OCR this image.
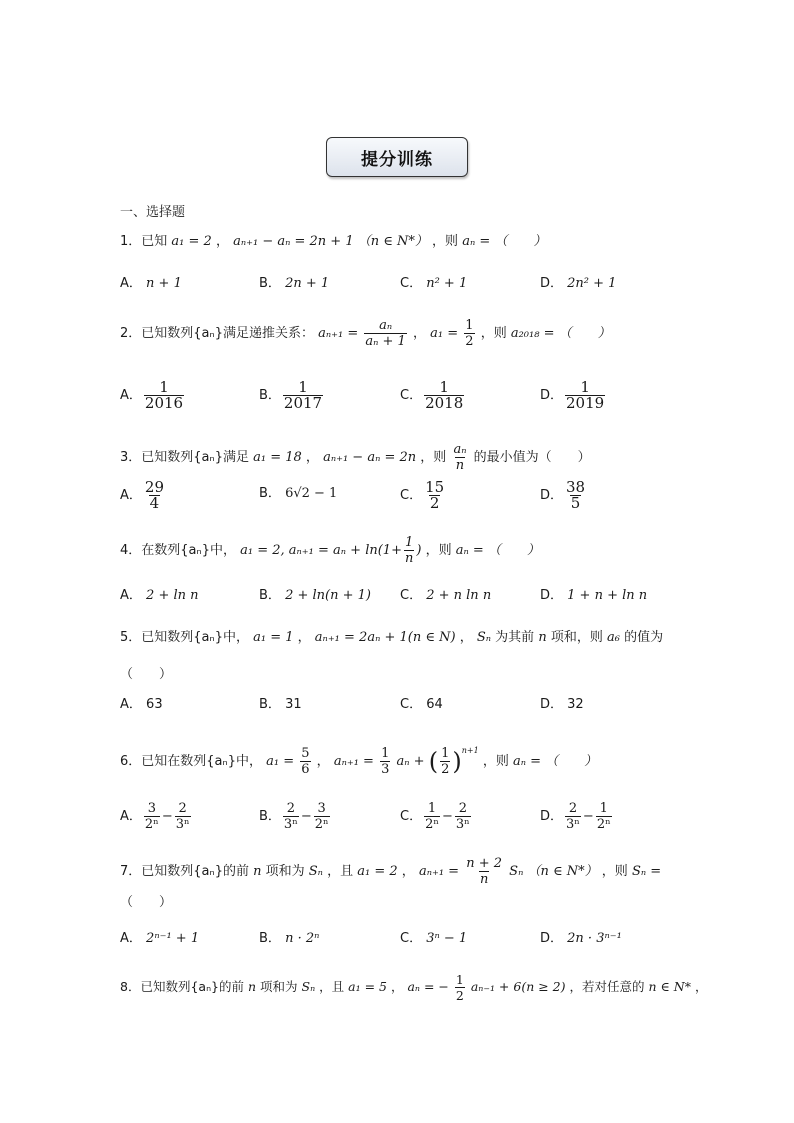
提分训练
一、选择题
1．已知 a₁ = 2 ， aₙ₊₁ − aₙ = 2n + 1 （n ∈ N*） ，则 aₙ = （　　）
A． n + 1	B． 2n + 1	C． n² + 1	D． 2n² + 1
2．已知数列{aₙ}满足递推关系： $a_{n+1} = \frac{\text{aₙ}}{\text{aₙ + 1}}$ ， $a_1 = \frac{1}{2}$ ，则 a₂₀₁₈ = （　　）
A． $\frac{1}{2016}$	B． $\frac{1}{2017}$	C． $\frac{1}{2018}$	D． $\frac{1}{2019}$
3．已知数列{aₙ}满足 a₁ = 18 ， aₙ₊₁ − aₙ = 2n ，则 $\frac{\text{aₙ}}{n}$ 的最小值为（　　）
A． $\frac{29}{4}$	B． 6√2 − 1	C． $\frac{15}{2}$	D． $\frac{38}{5}$
4．在数列{aₙ}中， a₁ = 2, $a_{n+1} = a_n + \ln(1+ \frac{1}{n}$ ) ，则 aₙ = （　　）
A． 2 + ln n	B． 2 + ln(n + 1) C． 2 + n ln n	D． 1 + n + ln n
5．已知数列{aₙ}中， a₁ = 1 ， aₙ₊₁ = 2aₙ + 1(n ∈ N) ， Sₙ 为其前 n 项和，则 a₆ 的值为
（　　）
A． 63	B． 31	C． 64	D． 32
6．已知在数列{aₙ}中， $a_1 = \frac{5}{6}$ ， $a_{n+1} = \frac{1}{3}$ aₙ + ( $\frac{1}{2} )^{n+1}$ ，则 aₙ = （　　）
A． $\frac{3}{\text{2ⁿ}} - \frac{2}{\text{3ⁿ}}$	B． $\frac{2}{\text{3ⁿ}} - \frac{3}{\text{2ⁿ}}$	C． $\frac{1}{\text{2ⁿ}} - \frac{2}{\text{3ⁿ}}$	D． $\frac{2}{\text{3ⁿ}} - \frac{1}{\text{2ⁿ}}$
7．已知数列{aₙ}的前 n 项和为 Sₙ ，且 a₁ = 2 ， $a_{n+1} = \frac{n + 2}{n}$ Sₙ （n ∈ N*） ，则 Sₙ =
（　　）
A． 2ⁿ⁻¹ + 1	B． n · 2ⁿ	C． 3ⁿ − 1	D． 2n · 3ⁿ⁻¹
8．已知数列{aₙ}的前 n 项和为 Sₙ ，且 a₁ = 5 ， aₙ = − $\frac{1}{2} a_{n-1} + 6(n \ge 2)$ ，若对任意的 n ∈ N* ，
